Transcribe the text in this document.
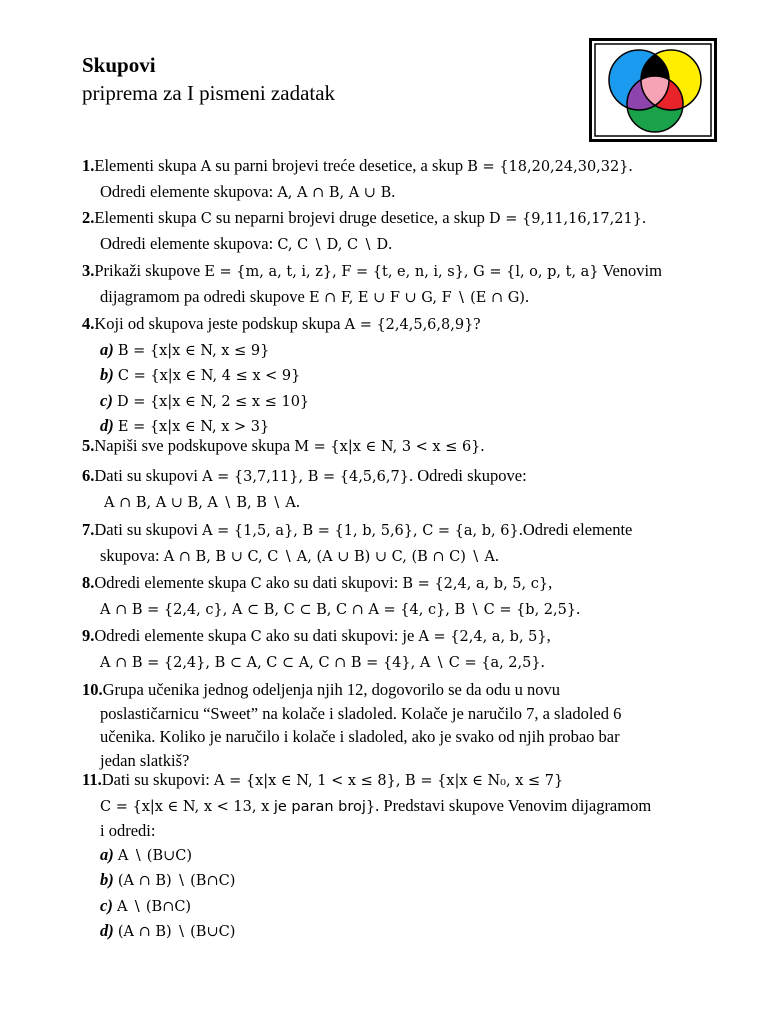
Skupovi
priprema za I pismeni zadatak
1.Elementi skupa A su parni brojevi treće desetice, a skup B = {18,20,24,30,32}.
Odredi elemente skupova: A, A ∩ B, A ∪ B.
2.Elementi skupa C su neparni brojevi druge desetice, a skup D = {9,11,16,17,21}.
Odredi elemente skupova: C, C ∖ D, C ∖ D.
3.Prikaži skupove E = {m, a, t, i, z}, F = {t, e, n, i, s}, G = {l, o, p, t, a} Venovim
dijagramom pa odredi skupove E ∩ F, E ∪ F ∪ G, F ∖ (E ∩ G).
4.Koji od skupova jeste podskup skupa A = {2,4,5,6,8,9}?
a) B = {x|x ∈ N, x ≤ 9}
b) C = {x|x ∈ N, 4 ≤ x < 9}
c) D = {x|x ∈ N, 2 ≤ x ≤ 10}
d) E = {x|x ∈ N, x > 3}
5.Napiši sve podskupove skupa M = {x|x ∈ N, 3 < x ≤ 6}.
6.Dati su skupovi A = {3,7,11}, B = {4,5,6,7}. Odredi skupove:
A ∩ B, A ∪ B, A ∖ B, B ∖ A.
7.Dati su skupovi A = {1,5, a}, B = {1, b, 5,6}, C = {a, b, 6}.Odredi elemente
skupova: A ∩ B, B ∪ C, C ∖ A, (A ∪ B) ∪ C, (B ∩ C) ∖ A.
8.Odredi elemente skupa C ako su dati skupovi: B = {2,4, a, b, 5, c},
A ∩ B = {2,4, c}, A ⊂ B, C ⊂ B, C ∩ A = {4, c}, B ∖ C = {b, 2,5}.
9.Odredi elemente skupa C ako su dati skupovi: je A = {2,4, a, b, 5},
A ∩ B = {2,4}, B ⊂ A, C ⊂ A, C ∩ B = {4}, A ∖ C = {a, 2,5}.
10.Grupa učenika jednog odeljenja njih 12, dogovorilo se da odu u novu
poslastičarnicu “Sweet” na kolače i sladoled. Kolače je naručilo 7, a sladoled 6
učenika. Koliko je naručilo i kolače i sladoled, ako je svako od njih probao bar
jedan slatkiš?
11.Dati su skupovi: A = {x|x ∈ N, 1 < x ≤ 8}, B = {x|x ∈ N₀, x ≤ 7}
C = {x|x ∈ N, x < 13, x je paran broj}. Predstavi skupove Venovim dijagramom
i odredi:
a) A ∖ (B∪C)
b) (A ∩ B) ∖ (B∩C)
c) A ∖ (B∩C)
d) (A ∩ B) ∖ (B∪C)
